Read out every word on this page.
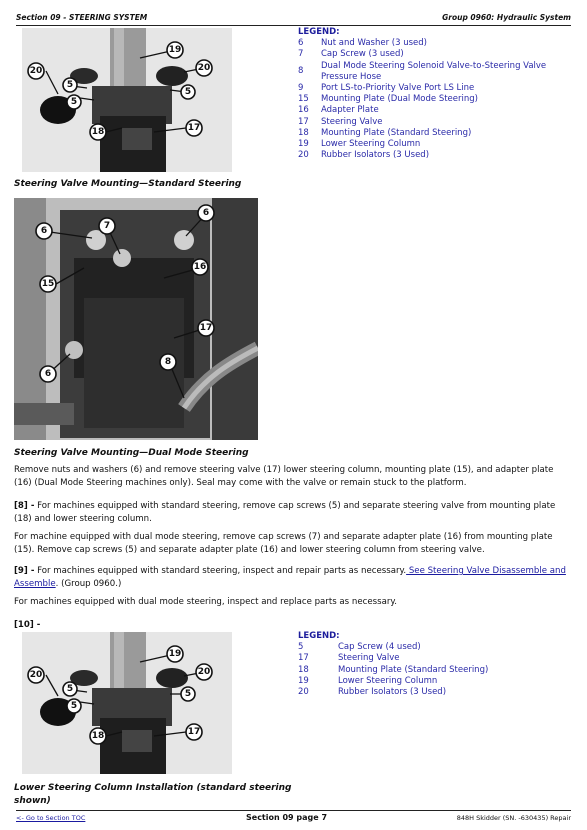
Section 09 - STEERING SYSTEM	Group 0960: Hydraulic System
19
20	20
5
5
5
18	17
LEGEND:
6	Nut and Washer (3 used)
7	Cap Screw (3 used)
8	Dual Mode Steering Solenoid Valve-to-Steering Valve Pressure Hose
9	Port LS-to-Priority Valve Port LS Line
15	Mounting Plate (Dual Mode Steering)
16	Adapter Plate
17	Steering Valve
18	Mounting Plate (Standard Steering)
19	Lower Steering Column
20	Rubber Isolators (3 Used)
Steering Valve Mounting—Standard Steering
7
6
6
16
15
17
8
6
Steering Valve Mounting—Dual Mode Steering
Remove nuts and washers (6) and remove steering valve (17) lower steering column, mounting plate (15), and adapter plate (16) (Dual Mode Steering machines only). Seal may come with the valve or remain stuck to the platform.
[8] - For machines equipped with standard steering, remove cap screws (5) and separate steering valve from mounting plate (18) and lower steering column.
For machine equipped with dual mode steering, remove cap screws (7) and separate adapter plate (16) from mounting plate (15). Remove cap screws (5) and separate adapter plate (16) and lower steering column from steering valve.
[9] - For machines equipped with standard steering, inspect and repair parts as necessary. See Steering Valve Disassemble and Assemble. (Group 0960.)
For machines equipped with dual mode steering, inspect and replace parts as necessary.
[10] -
19
20	20
5
5
5
18	17
LEGEND:
5	Cap Screw (4 used)
17	Steering Valve
18	Mounting Plate (Standard Steering)
19	Lower Steering Column
20	Rubber Isolators (3 Used)
Lower Steering Column Installation (standard steering shown)
<- Go to Section TOC	Section 09 page 7	848H Skidder (SN. -630435) Repair
